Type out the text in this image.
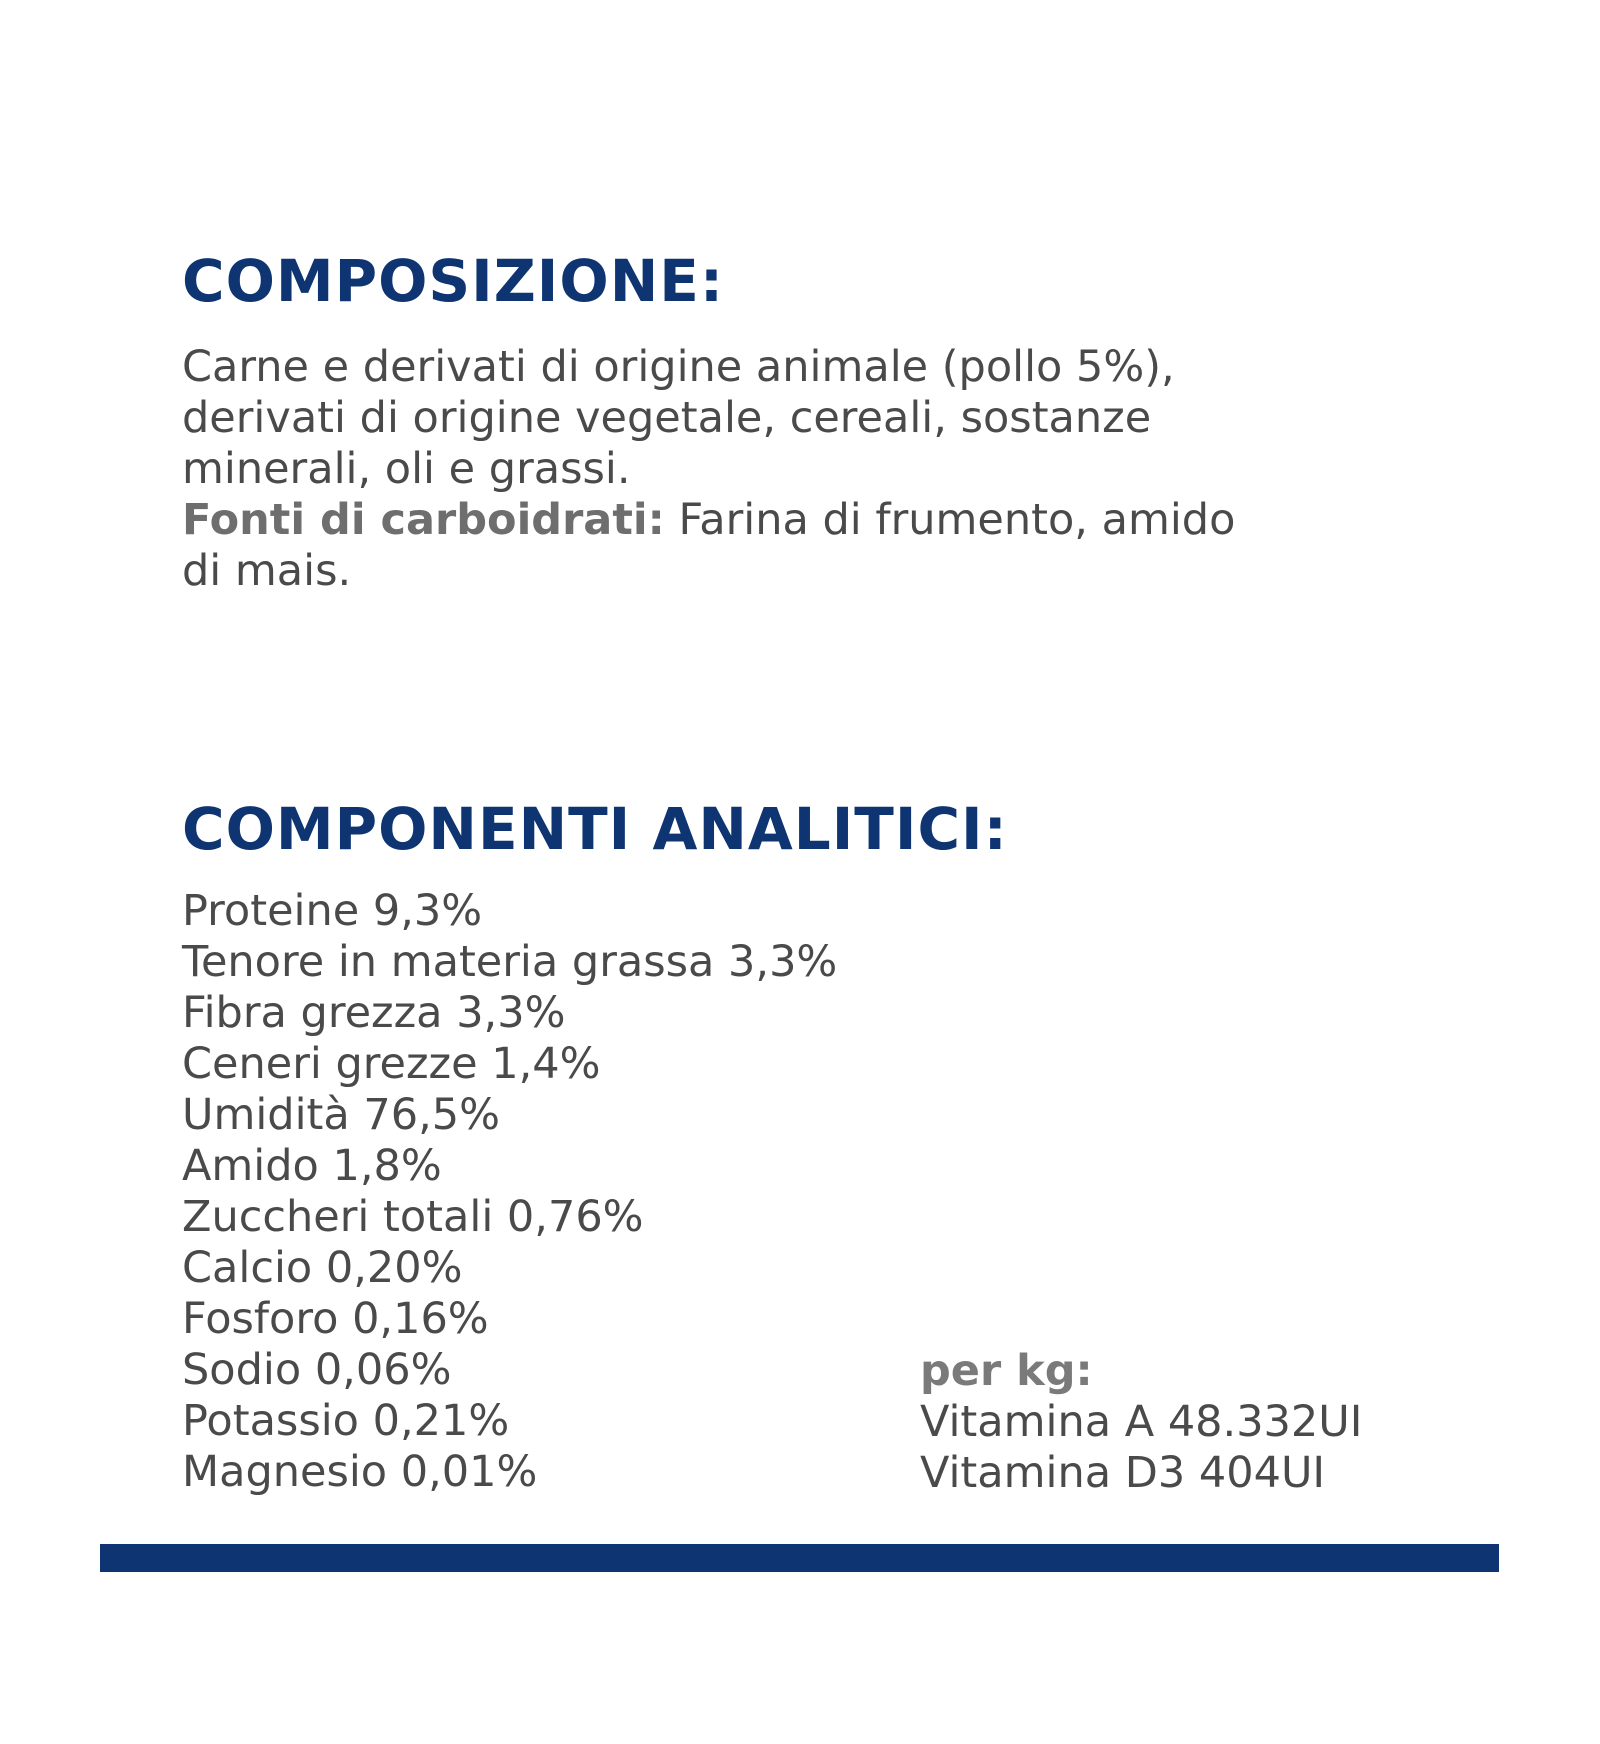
COMPOSIZIONE:
Carne e derivati di origine animale (pollo 5%),
derivati di origine vegetale, cereali, sostanze
minerali, oli e grassi.
Fonti di carboidrati: Farina di frumento, amido
di mais.
COMPONENTI ANALITICI:
Proteine 9,3%
Tenore in materia grassa 3,3%
Fibra grezza 3,3%
Ceneri grezze 1,4%
Umidità 76,5%
Amido 1,8%
Zuccheri totali 0,76%
Calcio 0,20%
Fosforo 0,16%
Sodio 0,06%
Potassio 0,21%
Magnesio 0,01%
per kg:
Vitamina A 48.332UI
Vitamina D3 404UI
